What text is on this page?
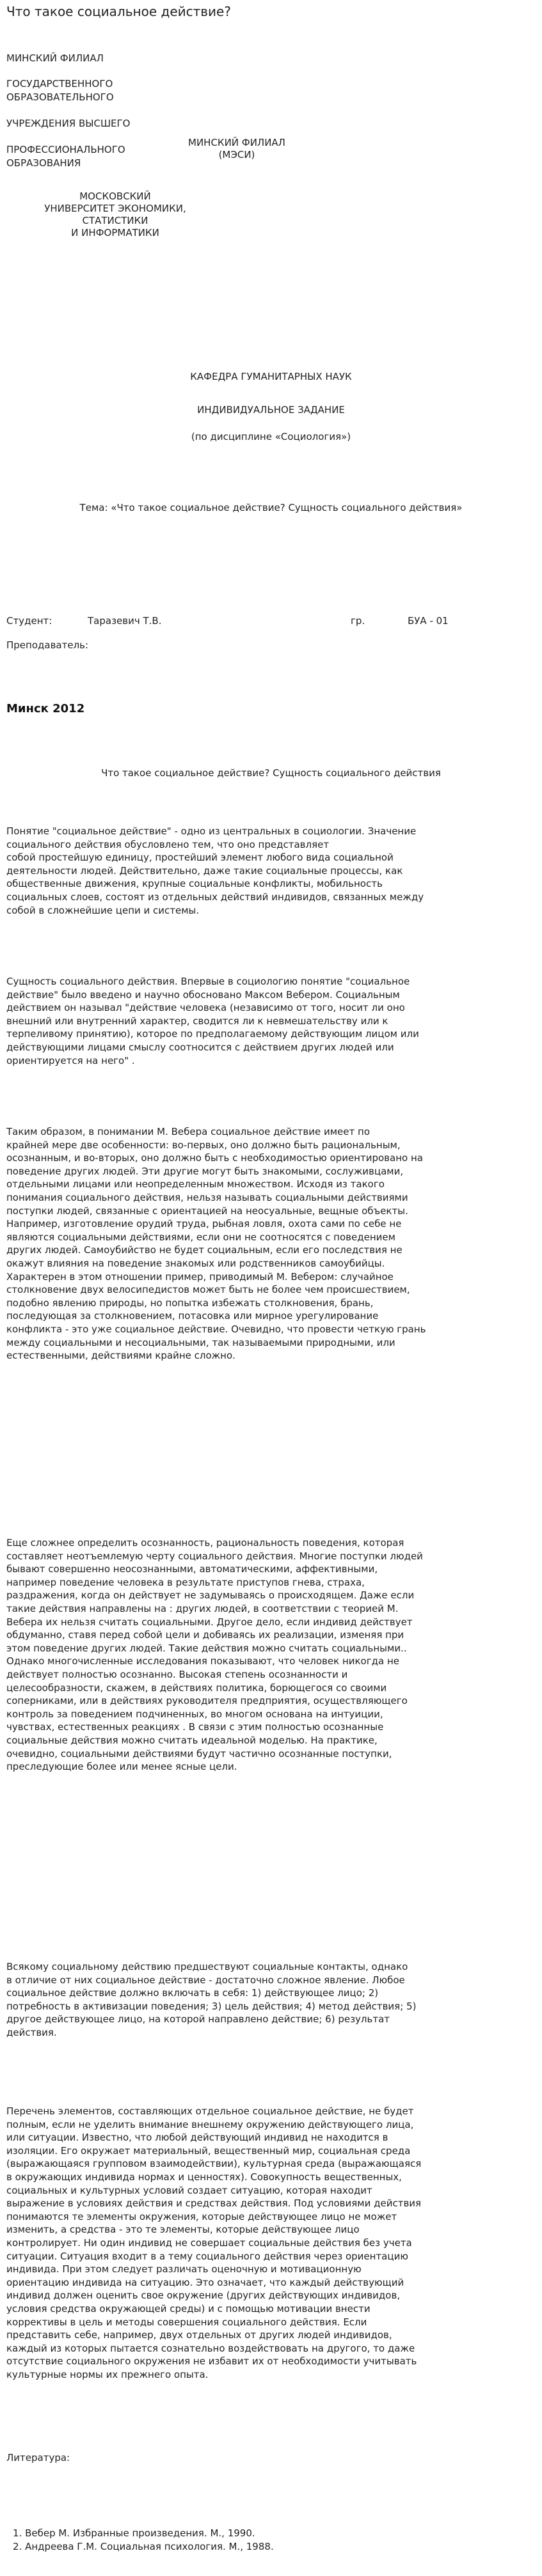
Что такое социальное действие?
МИНСКИЙ ФИЛИАЛ
ГОСУДАРСТВЕННОГО
ОБРАЗОВАТЕЛЬНОГО
УЧРЕЖДЕНИЯ ВЫСШЕГО
ПРОФЕССИОНАЛЬНОГО
ОБРАЗОВАНИЯ
МИНСКИЙ ФИЛИАЛ
(МЭСИ)
МОСКОВСКИЙ
УНИВЕРСИТЕТ ЭКОНОМИКИ,
СТАТИСТИКИ
И ИНФОРМАТИКИ
КАФЕДРА ГУМАНИТАРНЫХ НАУК
ИНДИВИДУАЛЬНОЕ ЗАДАНИЕ
(по дисциплине «Социология»)
Тема: «Что такое социальное действие? Сущность социального действия»
Студент:	Таразевич Т.В.	гр.	БУА - 01
Преподаватель:
Минск 2012
Что такое социальное действие? Сущность социального действия
Понятие "социальное действие" - одно из центральных в социологии. Значение
социального действия обусловлено тем, что оно представляет
собой простейшую единицу, простейший элемент любого вида социальной
деятельности людей. Действительно, даже такие социальные процессы, как
общественные движения, крупные социальные конфликты, мобильность
социальных слоев, состоят из отдельных действий индивидов, связанных между
собой в сложнейшие цепи и системы.
Сущность социального действия. Впервые в социологию понятие "социальное
действие" было введено и научно обосновано Максом Вебером. Социальным
действием он называл "действие человека (независимо от того, носит ли оно
внешний или внутренний характер, сводится ли к невмешательству или к
терпеливому принятию), которое по предполагаемому действующим лицом или
действующими лицами смыслу соотносится с действием других людей или
ориентируется на него" .
Таким образом, в понимании М. Вебера социальное действие имеет по
крайней мере две особенности: во-первых, оно должно быть рациональным,
осознанным, и во-вторых, оно должно быть с необходимостью ориентировано на
поведение других людей. Эти другие могут быть знакомыми, сослуживцами,
отдельными лицами или неопределенным множеством. Исходя из такого
понимания социального действия, нельзя называть социальными действиями
поступки людей, связанные с ориентацией на неосуальные, вещные объекты.
Например, изготовление орудий труда, рыбная ловля, охота сами по себе не
являются социальными действиями, если они не соотносятся с поведением
других людей. Самоубийство не будет социальным, если его последствия не
окажут влияния на поведение знакомых или родственников самоубийцы.
Характерен в этом отношении пример, приводимый М. Вебером: случайное
столкновение двух велосипедистов может быть не более чем происшествием,
подобно явлению природы, но попытка избежать столкновения, брань,
последующая за столкновением, потасовка или мирное урегулирование
конфликта - это уже социальное действие. Очевидно, что провести четкую грань
между социальными и несоциальными, так называемыми природными, или
естественными, действиями крайне сложно.
Еще сложнее определить осознанность, рациональность поведения, которая
составляет неотъемлемую черту социального действия. Многие поступки людей
бывают совершенно неосознанными, автоматическими, аффективными,
например поведение человека в результате приступов гнева, страха,
раздражения, когда он действует не задумываясь о происходящем. Даже если
такие действия направлены на : других людей, в соответствии с теорией М.
Вебера их нельзя считать социальными. Другое дело, если индивид действует
обдуманно, ставя перед собой цели и добиваясь их реализации, изменяя при
этом поведение других людей. Такие действия можно считать социальными..
Однако многочисленные исследования показывают, что человек никогда не
действует полностью осознанно. Высокая степень осознанности и
целесообразности, скажем, в действиях политика, борющегося со своими
соперниками, или в действиях руководителя предприятия, осуществляющего
контроль за поведением подчиненных, во многом основана на интуиции,
чувствах, естественных реакциях . В связи с этим полностью осознанные
социальные действия можно считать идеальной моделью. На практике,
очевидно, социальными действиями будут частично осознанные поступки,
преследующие более или менее ясные цели.
Всякому социальному действию предшествуют социальные контакты, однако
в отличие от них социальное действие - достаточно сложное явление. Любое
социальное действие должно включать в себя: 1) действующее лицо; 2)
потребность в активизации поведения; 3) цель действия; 4) метод действия; 5)
другое действующее лицо, на которой направлено действие; 6) результат
действия.
Перечень элементов, составляющих отдельное социальное действие, не будет
полным, если не уделить внимание внешнему окружению действующего лица,
или ситуации. Известно, что любой действующий индивид не находится в
изоляции. Его окружает материальный, вещественный мир, социальная среда
(выражающаяся групповом взаимодействии), культурная среда (выражающаяся
в окружающих индивида нормах и ценностях). Совокупность вещественных,
социальных и культурных условий создает ситуацию, которая находит
выражение в условиях действия и средствах действия. Под условиями действия
понимаются те элементы окружения, которые действующее лицо не может
изменить, а средства - это те элементы, которые действующее лицо
контролирует. Ни один индивид не совершает социальные действия без учета
ситуации. Ситуация входит в а тему социального действия через ориентацию
индивида. При этом следует различать оценочную и мотивационную
ориентацию индивида на ситуацию. Это означает, что каждый действующий
индивид должен оценить свое окружение (других действующих индивидов,
условия средства окружающей среды) и с помощью мотивации внести
коррективы в цель и методы совершения социального действия. Если
представить себе, например, двух отдельных от других людей индивидов,
каждый из которых пытается сознательно воздействовать на другого, то даже
отсутствие социального окружения не избавит их от необходимости учитывать
культурные нормы их прежнего опыта.
Литература:
1. Вебер М. Избранные произведения. М., 1990.
2. Андреева Г.М. Социальная психология. М., 1988.
